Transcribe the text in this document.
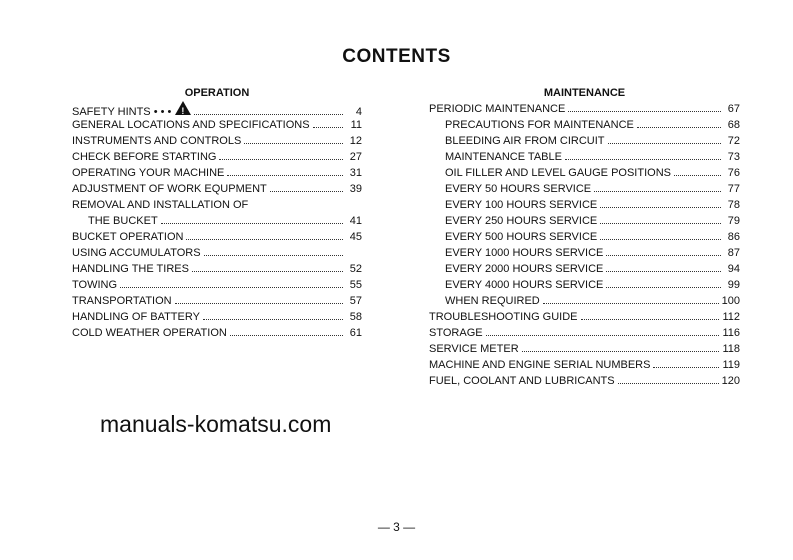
CONTENTS
OPERATION
SAFETY HINTS • • • !	4
GENERAL LOCATIONS AND SPECIFICATIONS	11
INSTRUMENTS AND CONTROLS	12
CHECK BEFORE STARTING	27
OPERATING YOUR MACHINE	31
ADJUSTMENT OF WORK EQUPMENT	39
REMOVAL AND INSTALLATION OF
THE BUCKET	41
BUCKET OPERATION	45
USING ACCUMULATORS
HANDLING THE TIRES	52
TOWING	55
TRANSPORTATION	57
HANDLING OF BATTERY	58
COLD WEATHER OPERATION	61
MAINTENANCE
PERIODIC MAINTENANCE	67
PRECAUTIONS FOR MAINTENANCE	68
BLEEDING AIR FROM CIRCUIT	72
MAINTENANCE TABLE	73
OIL FILLER AND LEVEL GAUGE POSITIONS	76
EVERY 50 HOURS SERVICE	77
EVERY 100 HOURS SERVICE	78
EVERY 250 HOURS SERVICE	79
EVERY 500 HOURS SERVICE	86
EVERY 1000 HOURS SERVICE	87
EVERY 2000 HOURS SERVICE	94
EVERY 4000 HOURS SERVICE	99
WHEN REQUIRED	100
TROUBLESHOOTING GUIDE	112
STORAGE	116
SERVICE METER	118
MACHINE AND ENGINE SERIAL NUMBERS	119
FUEL, COOLANT AND LUBRICANTS	120
manuals-komatsu.com
— 3 —
